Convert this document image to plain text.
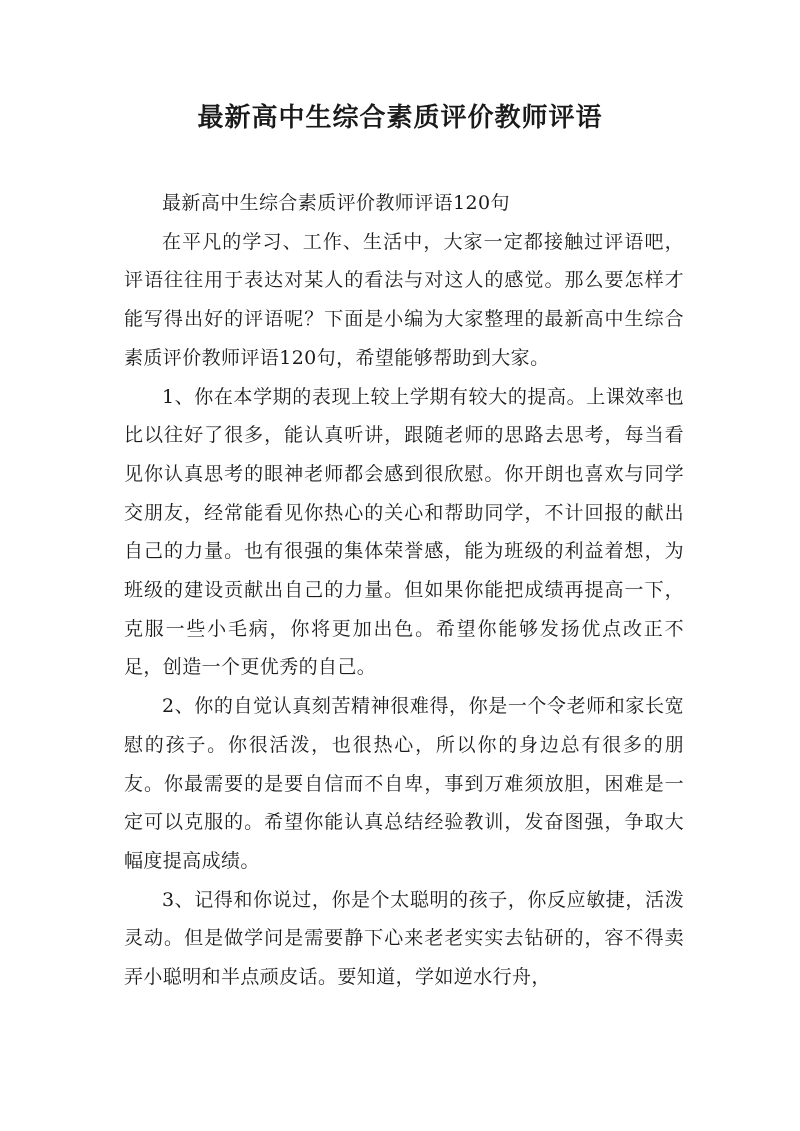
最新高中生综合素质评价教师评语

最新高中生综合素质评价教师评语120句

在平凡的学习、工作、生活中，大家一定都接触过评语吧，评语往往用于表达对某人的看法与对这人的感觉。那么要怎样才能写得出好的评语呢？下面是小编为大家整理的最新高中生综合素质评价教师评语120句，希望能够帮助到大家。

1、你在本学期的表现上较上学期有较大的提高。上课效率也比以往好了很多，能认真听讲，跟随老师的思路去思考，每当看见你认真思考的眼神老师都会感到很欣慰。你开朗也喜欢与同学交朋友，经常能看见你热心的关心和帮助同学，不计回报的献出自己的力量。也有很强的集体荣誉感，能为班级的利益着想，为班级的建设贡献出自己的力量。但如果你能把成绩再提高一下，克服一些小毛病，你将更加出色。希望你能够发扬优点改正不足，创造一个更优秀的自己。

2、你的自觉认真刻苦精神很难得，你是一个令老师和家长宽慰的孩子。你很活泼，也很热心，所以你的身边总有很多的朋友。你最需要的是要自信而不自卑，事到万难须放胆，困难是一定可以克服的。希望你能认真总结经验教训，发奋图强，争取大幅度提高成绩。

3、记得和你说过，你是个太聪明的孩子，你反应敏捷，活泼灵动。但是做学问是需要静下心来老老实实去钻研的，容不得卖弄小聪明和半点顽皮话。要知道，学如逆水行舟，
